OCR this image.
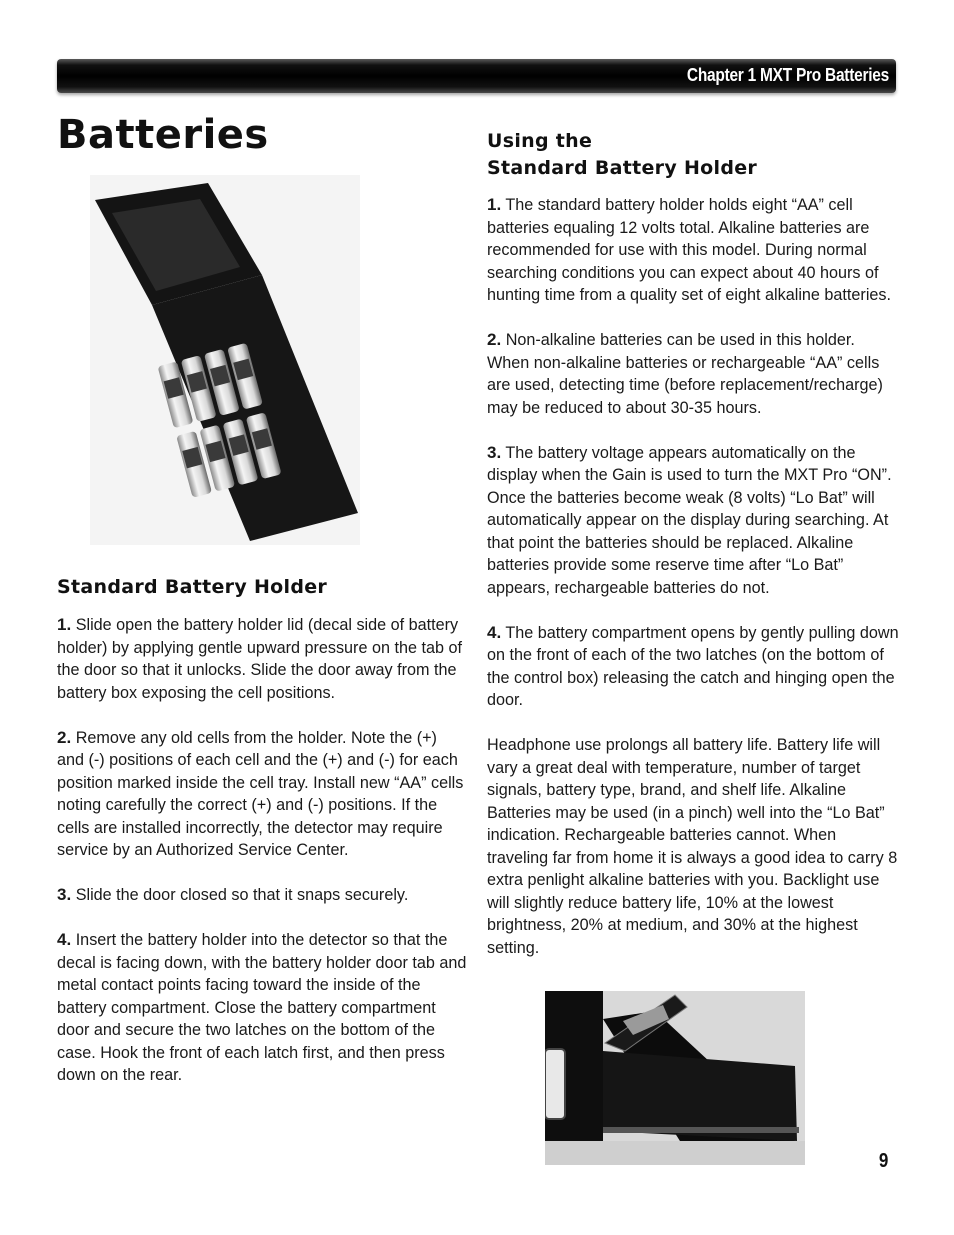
Chapter 1 MXT Pro Batteries
Batteries
Standard Battery Holder

1. Slide open the battery holder lid (decal side of battery holder) by applying gentle upward pressure on the tab of the door so that it unlocks. Slide the door away from the battery box exposing the cell positions.

2. Remove any old cells from the holder. Note the (+) and (-) positions of each cell and the (+) and (-) for each position marked inside the cell tray. Install new “AA” cells noting carefully the correct (+) and (-) positions. If the cells are installed incorrectly, the detector may require service by an Authorized Service Center.

3. Slide the door closed so that it snaps securely.

4. Insert the battery holder into the detector so that the decal is facing down, with the battery holder door tab and metal contact points facing toward the inside of the battery compartment. Close the battery compartment door and secure the two latches on the bottom of the case. Hook the front of each latch first, and then press down on the rear.

Using the
Standard Battery Holder

1. The standard battery holder holds eight “AA” cell batteries equaling 12 volts total. Alkaline batteries are recommended for use with this model. During normal searching conditions you can expect about 40 hours of hunting time from a quality set of eight alkaline batteries.

2. Non-alkaline batteries can be used in this holder. When non-alkaline batteries or rechargeable “AA” cells are used, detecting time (before replacement/recharge) may be reduced to about 30-35 hours.

3. The battery voltage appears automatically on the display when the Gain is used to turn the MXT Pro “ON”. Once the batteries become weak (8 volts) “Lo Bat” will automatically appear on the display during searching. At that point the batteries should be replaced. Alkaline batteries provide some reserve time after “Lo Bat” appears, rechargeable batteries do not.

4. The battery compartment opens by gently pulling down on the front of each of the two latches (on the bottom of the control box) releasing the catch and hinging open the door.

Headphone use prolongs all battery life. Battery life will vary a great deal with temperature, number of target signals, battery type, brand, and shelf life. Alkaline Batteries may be used (in a pinch) well into the “Lo Bat” indication. Rechargeable batteries cannot. When traveling far from home it is always a good idea to carry 8 extra penlight alkaline batteries with you. Backlight use will slightly reduce battery life, 10% at the lowest brightness, 20% at medium, and 30% at the highest setting.

9
